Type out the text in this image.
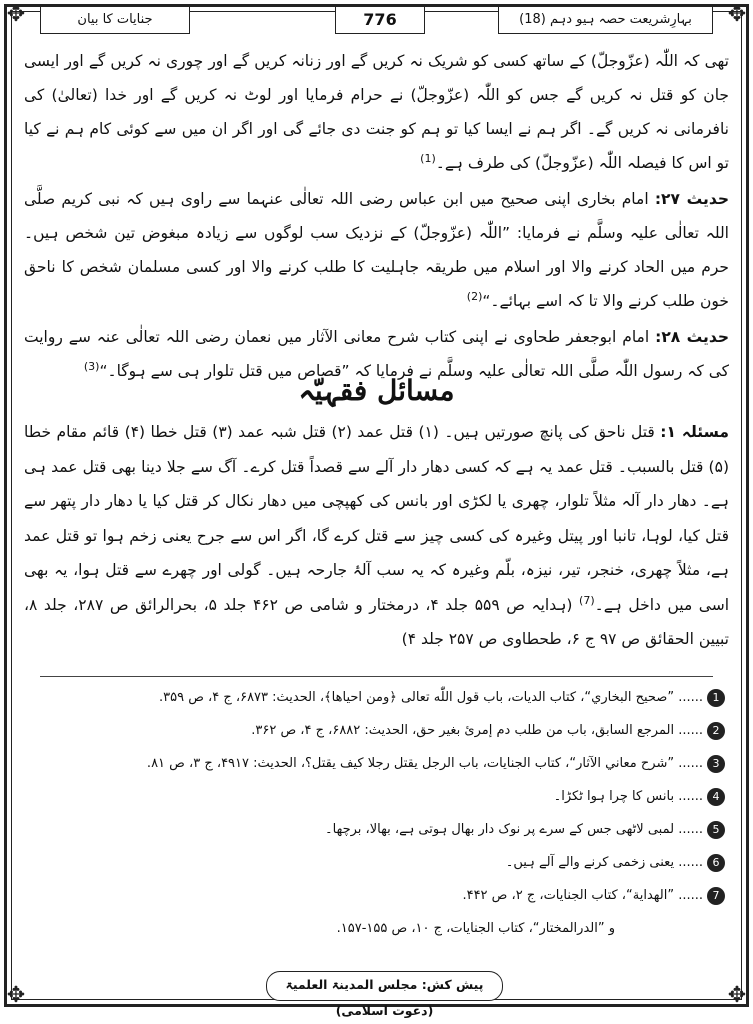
✥	✥
✥	✥
بہارِشریعت حصہ ہیو دہم (18)
776
جنایات کا بیان

تھی کہ اللّٰہ (عزّوجلّ) کے ساتھ کسی کو شریک نہ کریں گے اور زنانہ کریں گے اور چوری نہ کریں گے اور ایسی جان کو قتل نہ کریں گے جس کو اللّٰہ (عزّوجلّ) نے حرام فرمایا اور لوٹ نہ کریں گے اور خدا (تعالیٰ) کی نافرمانی نہ کریں گے۔ اگر ہم نے ایسا کیا تو ہم کو جنت دی جائے گی اور اگر ان میں سے کوئی کام ہم نے کیا تو اس کا فیصلہ اللّٰہ (عزّوجلّ) کی طرف ہے۔$^{(1)}$

حدیث ۲۷: امام بخاری اپنی صحیح میں ابن عباس رضی اللہ تعالٰی عنہما سے راوی ہیں کہ نبی کریم صلَّی اللہ تعالٰی علیہ وسلَّم نے فرمایا: ”اللّٰہ (عزّوجلّ) کے نزدیک سب لوگوں سے زیادہ مبغوض تین شخص ہیں۔ حرم میں الحاد کرنے والا اور اسلام میں طریقہ جاہلیت کا طلب کرنے والا اور کسی مسلمان شخص کا ناحق خون طلب کرنے والا تا کہ اسے بہائے۔“$^{(2)}$

حدیث ۲۸: امام ابوجعفر طحاوی نے اپنی کتاب شرح معانی الآثار میں نعمان رضی اللہ تعالٰی عنہ سے روایت کی کہ رسول اللّٰہ صلَّی اللہ تعالٰی علیہ وسلَّم نے فرمایا کہ ”قصاص میں قتل تلوار ہی سے ہوگا۔“$^{(3)}$

مسائل فقہیّہ
مسئلہ ۱: قتل ناحق کی پانچ صورتیں ہیں۔ (۱) قتل عمد (۲) قتل شبہ عمد (۳) قتل خطا (۴) قائم مقام خطا (۵) قتل بالسبب۔ قتل عمد یہ ہے کہ کسی دھار دار آلے سے قصداً قتل کرے۔ آگ سے جلا دینا بھی قتل عمد ہی ہے۔ دھار دار آلہ مثلاً تلوار، چھری یا لکڑی اور بانس کی کھپچی میں دھار نکال کر قتل کیا یا دھار دار پتھر سے قتل کیا، لوہا، تانبا اور پیتل وغیرہ کی کسی چیز سے قتل کرے گا، اگر اس سے جرح یعنی زخم ہوا تو قتل عمد ہے، مثلاً چھری، خنجر، تیر، نیزہ، بلّم وغیرہ کہ یہ سب آلۂ جارحہ ہیں۔ گولی اور چھرے سے قتل ہوا، یہ بھی اسی میں داخل ہے۔$^{(7)}$ (ہدایہ ص ۵۵۹ جلد ۴، درمختار و شامی ص ۴۶۲ جلد ۵، بحرالرائق ص ۲۸۷، جلد ۸، تبیین الحقائق ص ۹۷ ج ۶، طحطاوی ص ۲۵۷ جلد ۴)
1...... ”صحیح البخاري“، کتاب الدیات، باب قول اللّٰه تعالی ﴿ومن احیاها﴾، الحدیث: ۶۸۷۳، ج ۴، ص ۳۵۹.
2...... المرجع السابق، باب من طلب دم إمرئ بغير حق، الحديث: ۶۸۸۲، ج ۴، ص ۳۶۲.
3...... ”شرح معاني الآثار“، کتاب الجنايات، باب الرجل يقتل رجلا کيف يقتل؟، الحديث: ۴۹۱۷، ج ۳، ص ۸۱.
4...... بانس کا چرا ہوا ٹکڑا۔
5...... لمبی لاٹھی جس کے سرے پر نوک دار بھال ہوتی ہے، بھالا، برچھا۔
6...... یعنی زخمی کرنے والے آلے ہیں۔
7...... ”الهداية“، کتاب الجنايات، ج ۲، ص ۴۴۲.
و ”الدرالمختار“، کتاب الجنايات، ج ۱۰، ص ۱۵۵-۱۵۷.
پیش کش: مجلس المدینۃ العلمیۃ (دعوت اسلامی)
